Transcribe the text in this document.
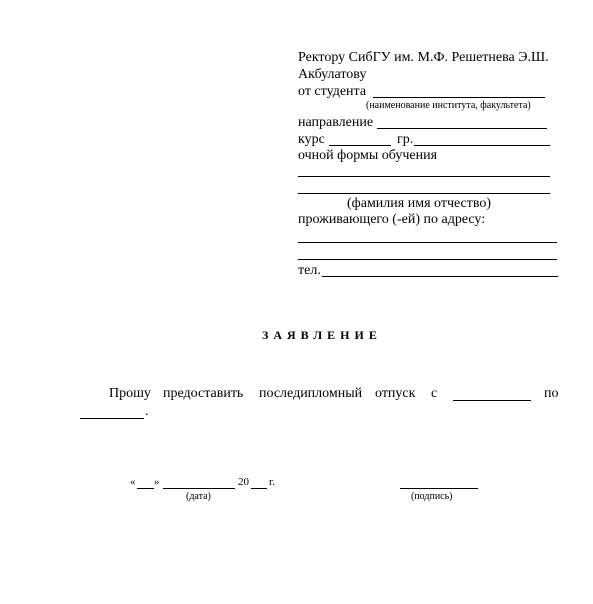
Ректору СибГУ им. М.Ф. Решетнева Э.Ш.
Акбулатову
от студента
(наименование института, факультета)
направление
курс	гр.
очной формы обучения
(фамилия имя отчество)
проживающего (-ей) по адресу:
тел.
ЗАЯВЛЕНИЕ
Прошу предоставить последипломный отпуск с	по
.
« »	20 г.
(дата)	(подпись)
